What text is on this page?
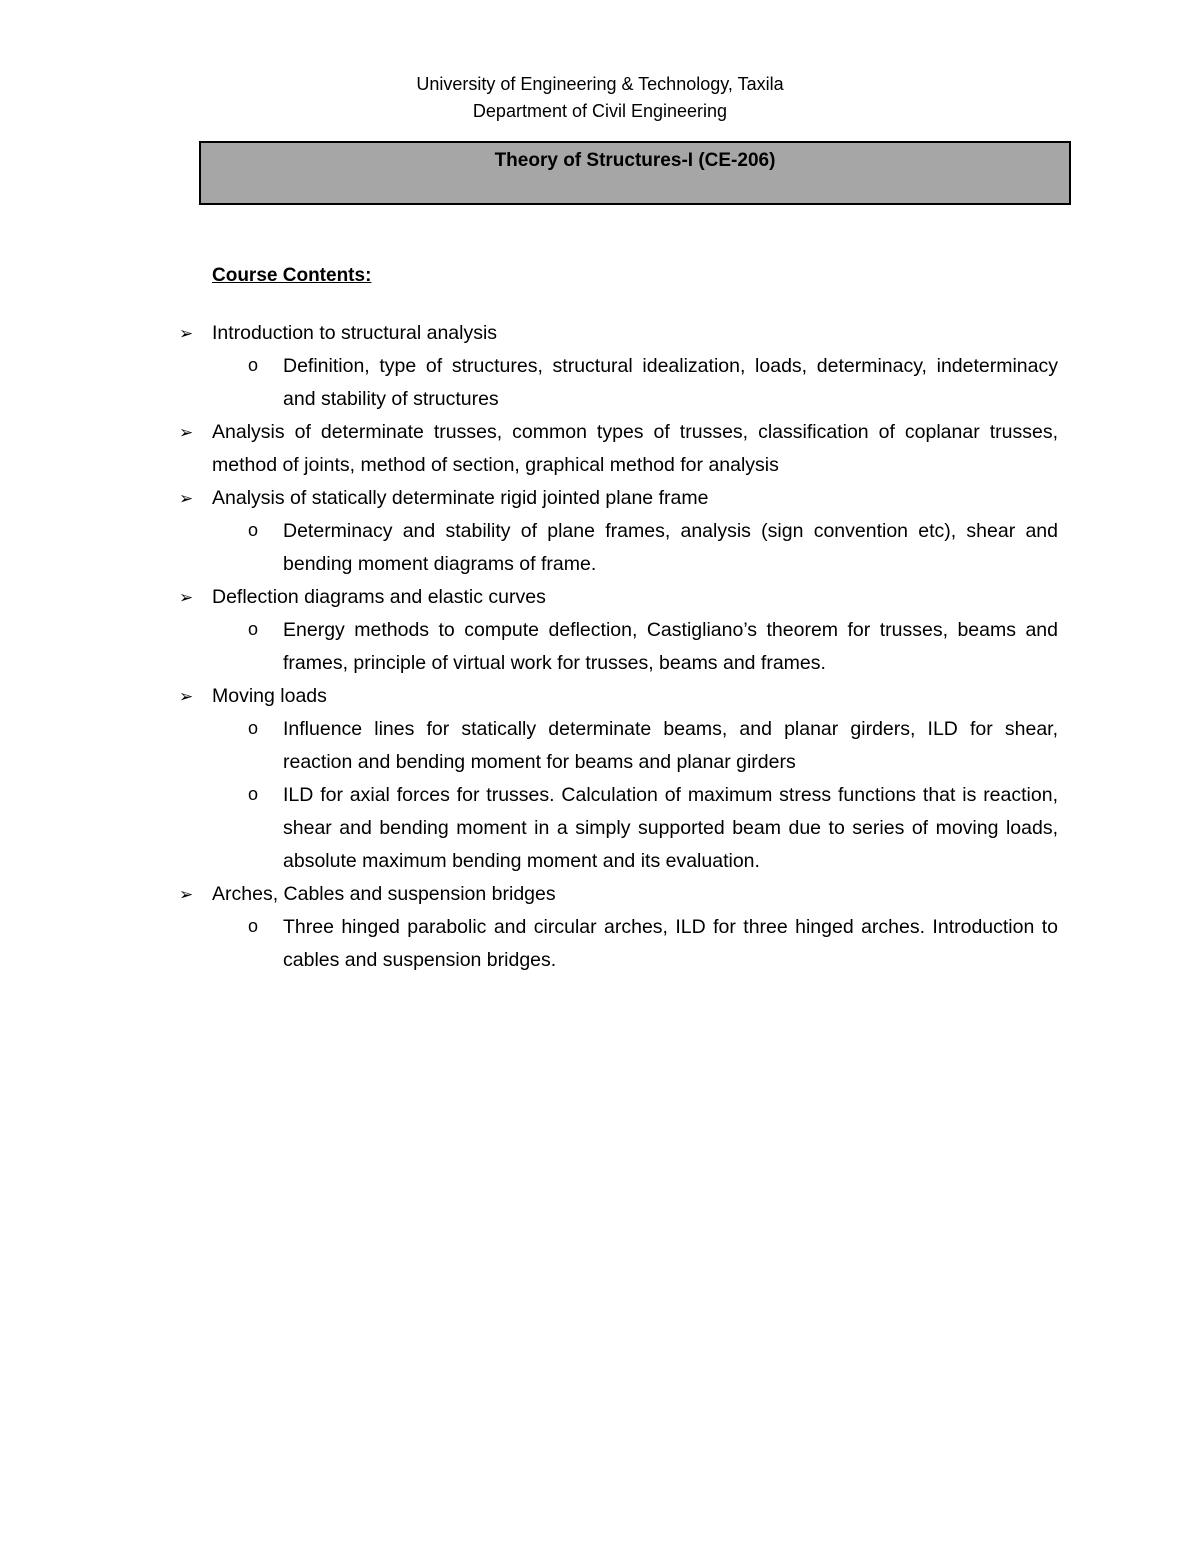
University of Engineering & Technology, Taxila
Department of Civil Engineering
Theory of Structures-I (CE-206)
Course Contents:
➢ Introduction to structural analysis
o	Definition, type of structures, structural idealization, loads, determinacy, indeterminacy and stability of structures
➢ Analysis of determinate trusses, common types of trusses, classification of coplanar trusses, method of joints, method of section, graphical method for analysis
➢ Analysis of statically determinate rigid jointed plane frame
o	Determinacy and stability of plane frames, analysis (sign convention etc), shear and bending moment diagrams of frame.
➢ Deflection diagrams and elastic curves
o	Energy methods to compute deflection, Castigliano’s theorem for trusses, beams and frames, principle of virtual work for trusses, beams and frames.
➢ Moving loads
o	Influence lines for statically determinate beams, and planar girders, ILD for shear, reaction and bending moment for beams and planar girders
o	ILD for axial forces for trusses. Calculation of maximum stress functions that is reaction, shear and bending moment in a simply supported beam due to series of moving loads, absolute maximum bending moment and its evaluation.
➢ Arches, Cables and suspension bridges
o	Three hinged parabolic and circular arches, ILD for three hinged arches. Introduction to cables and suspension bridges.
